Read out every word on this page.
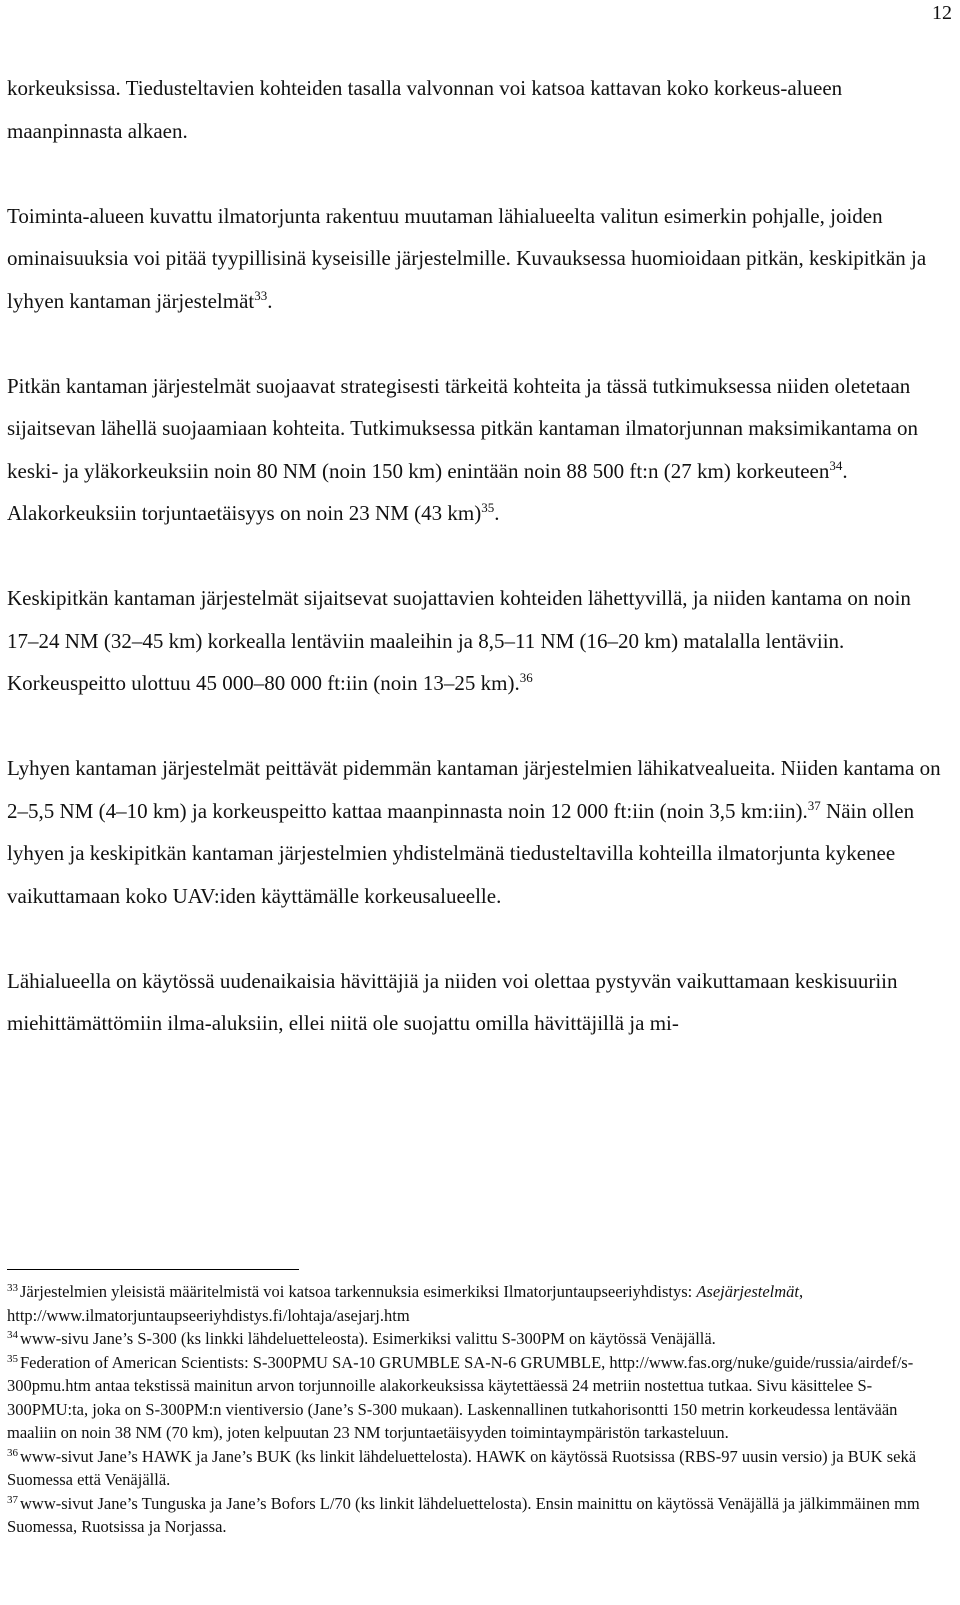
12

korkeuksissa. Tiedusteltavien kohteiden tasalla valvonnan voi katsoa kattavan koko korkeus-alueen maanpinnasta alkaen.

Toiminta-alueen kuvattu ilmatorjunta rakentuu muutaman lähialueelta valitun esimerkin pohjalle, joiden ominaisuuksia voi pitää tyypillisinä kyseisille järjestelmille. Kuvauksessa huomioidaan pitkän, keskipitkän ja lyhyen kantaman järjestelmät$^{33}$.

Pitkän kantaman järjestelmät suojaavat strategisesti tärkeitä kohteita ja tässä tutkimuksessa niiden oletetaan sijaitsevan lähellä suojaamiaan kohteita. Tutkimuksessa pitkän kantaman ilmatorjunnan maksimikantama on keski- ja yläkorkeuksiin noin 80 NM (noin 150 km) enintään noin 88 500 ft:n (27 km) korkeuteen$^{34}$. Alakorkeuksiin torjuntaetäisyys on noin 23 NM (43 km)$^{35}$.

Keskipitkän kantaman järjestelmät sijaitsevat suojattavien kohteiden lähettyvillä, ja niiden kantama on noin 17–24 NM (32–45 km) korkealla lentäviin maaleihin ja 8,5–11 NM (16–20 km) matalalla lentäviin. Korkeuspeitto ulottuu 45 000–80 000 ft:iin (noin 13–25 km).$^{36}$

Lyhyen kantaman järjestelmät peittävät pidemmän kantaman järjestelmien lähikatvealueita. Niiden kantama on 2–5,5 NM (4–10 km) ja korkeuspeitto kattaa maanpinnasta noin 12 000 ft:iin (noin 3,5 km:iin).$^{37}$ Näin ollen lyhyen ja keskipitkän kantaman järjestelmien yhdistelmänä tiedusteltavilla kohteilla ilmatorjunta kykenee vaikuttamaan koko UAV:iden käyttämälle korkeusalueelle.

Lähialueella on käytössä uudenaikaisia hävittäjiä ja niiden voi olettaa pystyvän vaikuttamaan keskisuuriin miehittämättömiin ilma-aluksiin, ellei niitä ole suojattu omilla hävittäjillä ja mi-

$^{33}$ Järjestelmien yleisistä määritelmistä voi katsoa tarkennuksia esimerkiksi Ilmatorjuntaupseeriyhdistys: Asejärjestelmät, http://www.ilmatorjuntaupseeriyhdistys.fi/lohtaja/asejarj.htm

$^{34}$ www-sivu Jane’s S-300 (ks linkki lähdeluetteleosta). Esimerkiksi valittu S-300PM on käytössä Venäjällä.

$^{35}$ Federation of American Scientists: S-300PMU SA-10 GRUMBLE SA-N-6 GRUMBLE, http://www.fas.org/nuke/guide/russia/airdef/s-300pmu.htm antaa tekstissä mainitun arvon torjunnoille alakorkeuksissa käytettäessä 24 metriin nostettua tutkaa. Sivu käsittelee S-300PMU:ta, joka on S-300PM:n vientiversio (Jane’s S-300 mukaan). Laskennallinen tutkahorisontti 150 metrin korkeudessa lentävään maaliin on noin 38 NM (70 km), joten kelpuutan 23 NM torjuntaetäisyyden toimintaympäristön tarkasteluun.

$^{36}$ www-sivut Jane’s HAWK ja Jane’s BUK (ks linkit lähdeluettelosta). HAWK on käytössä Ruotsissa (RBS-97 uusin versio) ja BUK sekä Suomessa että Venäjällä.

$^{37}$ www-sivut Jane’s Tunguska ja Jane’s Bofors L/70 (ks linkit lähdeluettelosta). Ensin mainittu on käytössä Venäjällä ja jälkimmäinen mm Suomessa, Ruotsissa ja Norjassa.
